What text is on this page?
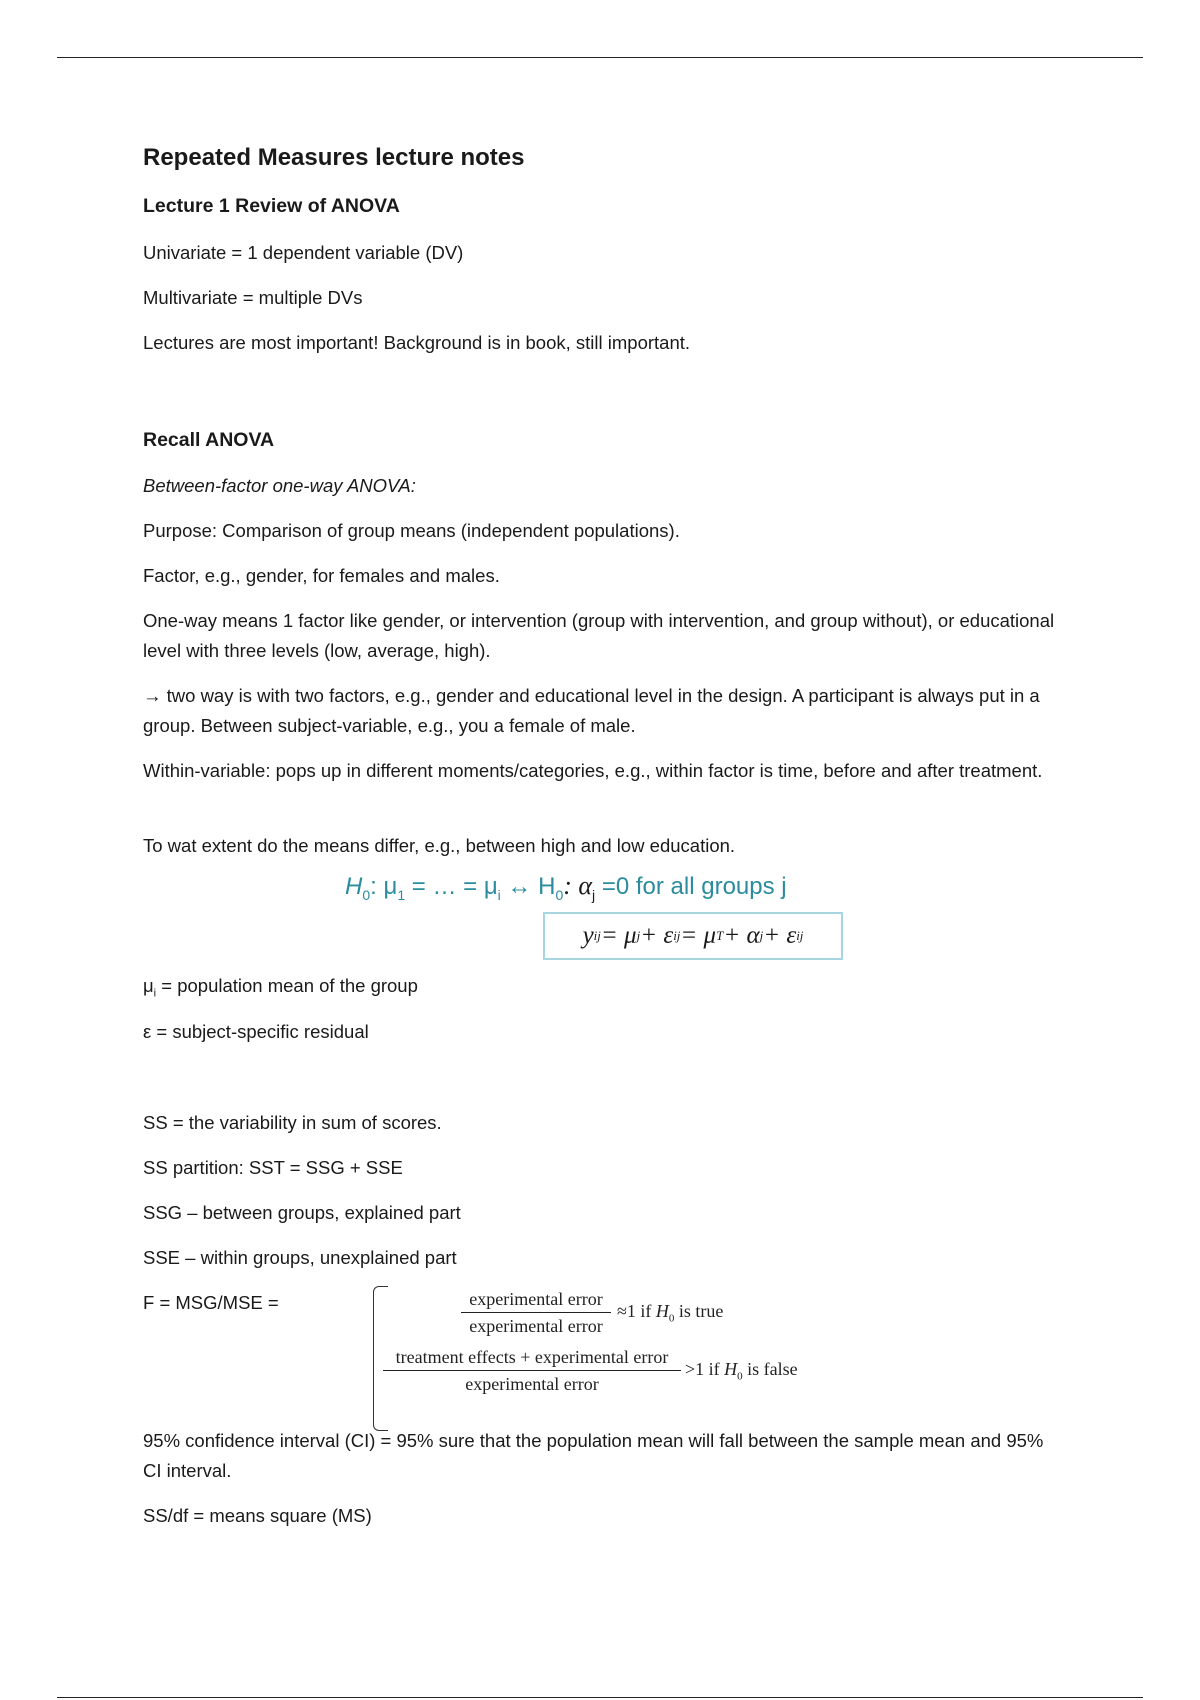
Repeated Measures lecture notes
Lecture 1 Review of ANOVA
Univariate = 1 dependent variable (DV)
Multivariate = multiple DVs
Lectures are most important! Background is in book, still important.
Recall ANOVA
Between-factor one-way ANOVA:
Purpose: Comparison of group means (independent populations).
Factor, e.g., gender, for females and males.
One-way means 1 factor like gender, or intervention (group with intervention, and group without), or educational level with three levels (low, average, high).
→ two way is with two factors, e.g., gender and educational level in the design. A participant is always put in a group. Between subject-variable, e.g., you a female of male.
Within-variable: pops up in different moments/categories, e.g., within factor is time, before and after treatment.
To wat extent do the means differ, e.g., between high and low education.
$H_0$: $\mu_1$ = … = $\mu_i$ ↔ $H_0$: $\alpha_j =0$ for all groups j
y ij = μ j + ε ij = μ T + α j + ε ij
$\mu_i$ = population mean of the group
ε = subject-specific residual
SS = the variability in sum of scores.
SS partition: SST = SSG + SSE
SSG – between groups, explained part
SSE – within groups, unexplained part
F = MSG/MSE =	experimental error
experimental error
≈1 if $H_0$ is true
treatment effects + experimental error
experimental error
>1 if $H_0$ is false
95% confidence interval (CI) = 95% sure that the population mean will fall between the sample mean and 95% CI interval.
SS/df = means square (MS)
